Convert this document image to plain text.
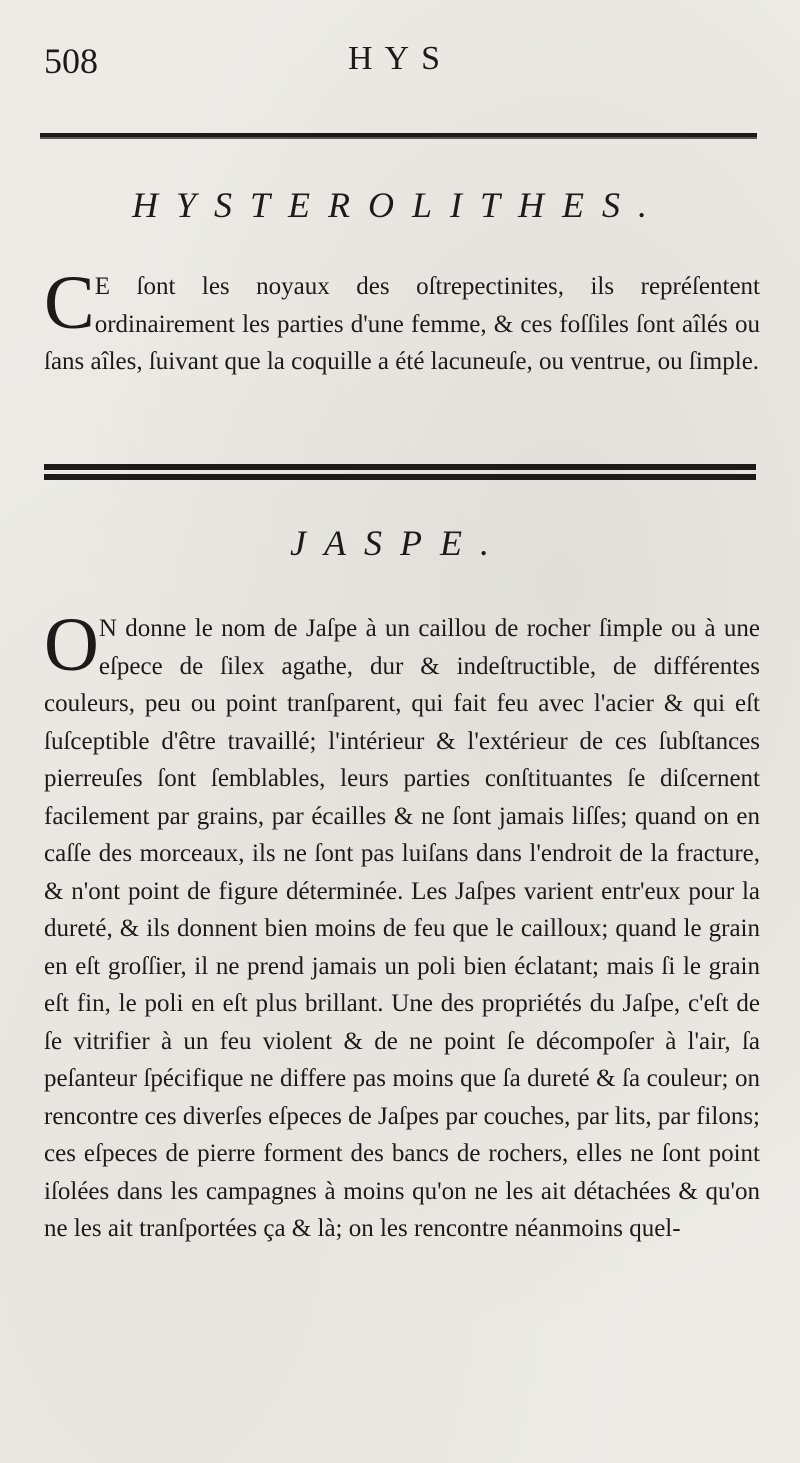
508	HYS
HYSTEROLITHES.
C E ſont les noyaux des oſtrepectinites, ils repréſentent ordinairement les parties d'une femme, & ces foſſiles ſont aîlés ou ſans aîles, ſuivant que la coquille a été lacuneuſe, ou ventrue, ou ſimple.
JASPE.
O N donne le nom de Jaſpe à un caillou de rocher ſimple ou à une eſpece de ſilex agathe, dur & indeſtructible, de différentes couleurs, peu ou point tranſparent, qui fait feu avec l'acier & qui eſt ſuſceptible d'être travaillé; l'intérieur & l'extérieur de ces ſubſtances pierreuſes ſont ſemblables, leurs parties conſtituantes ſe diſcernent facilement par grains, par écailles & ne ſont jamais liſſes; quand on en caſſe des morceaux, ils ne ſont pas luiſans dans l'endroit de la fracture, & n'ont point de figure déterminée. Les Jaſpes varient entr'eux pour la dureté, & ils donnent bien moins de feu que le cailloux; quand le grain en eſt groſſier, il ne prend jamais un poli bien éclatant; mais ſi le grain eſt fin, le poli en eſt plus brillant. Une des propriétés du Jaſpe, c'eſt de ſe vitrifier à un feu violent & de ne point ſe décompoſer à l'air, ſa peſanteur ſpécifique ne differe pas moins que ſa dureté & ſa couleur; on rencontre ces diverſes eſpeces de Jaſpes par couches, par lits, par filons; ces eſpeces de pierre forment des bancs de rochers, elles ne ſont point iſolées dans les campagnes à moins qu'on ne les ait détachées & qu'on ne les ait tranſportées ça & là; on les rencontre néanmoins quel-
